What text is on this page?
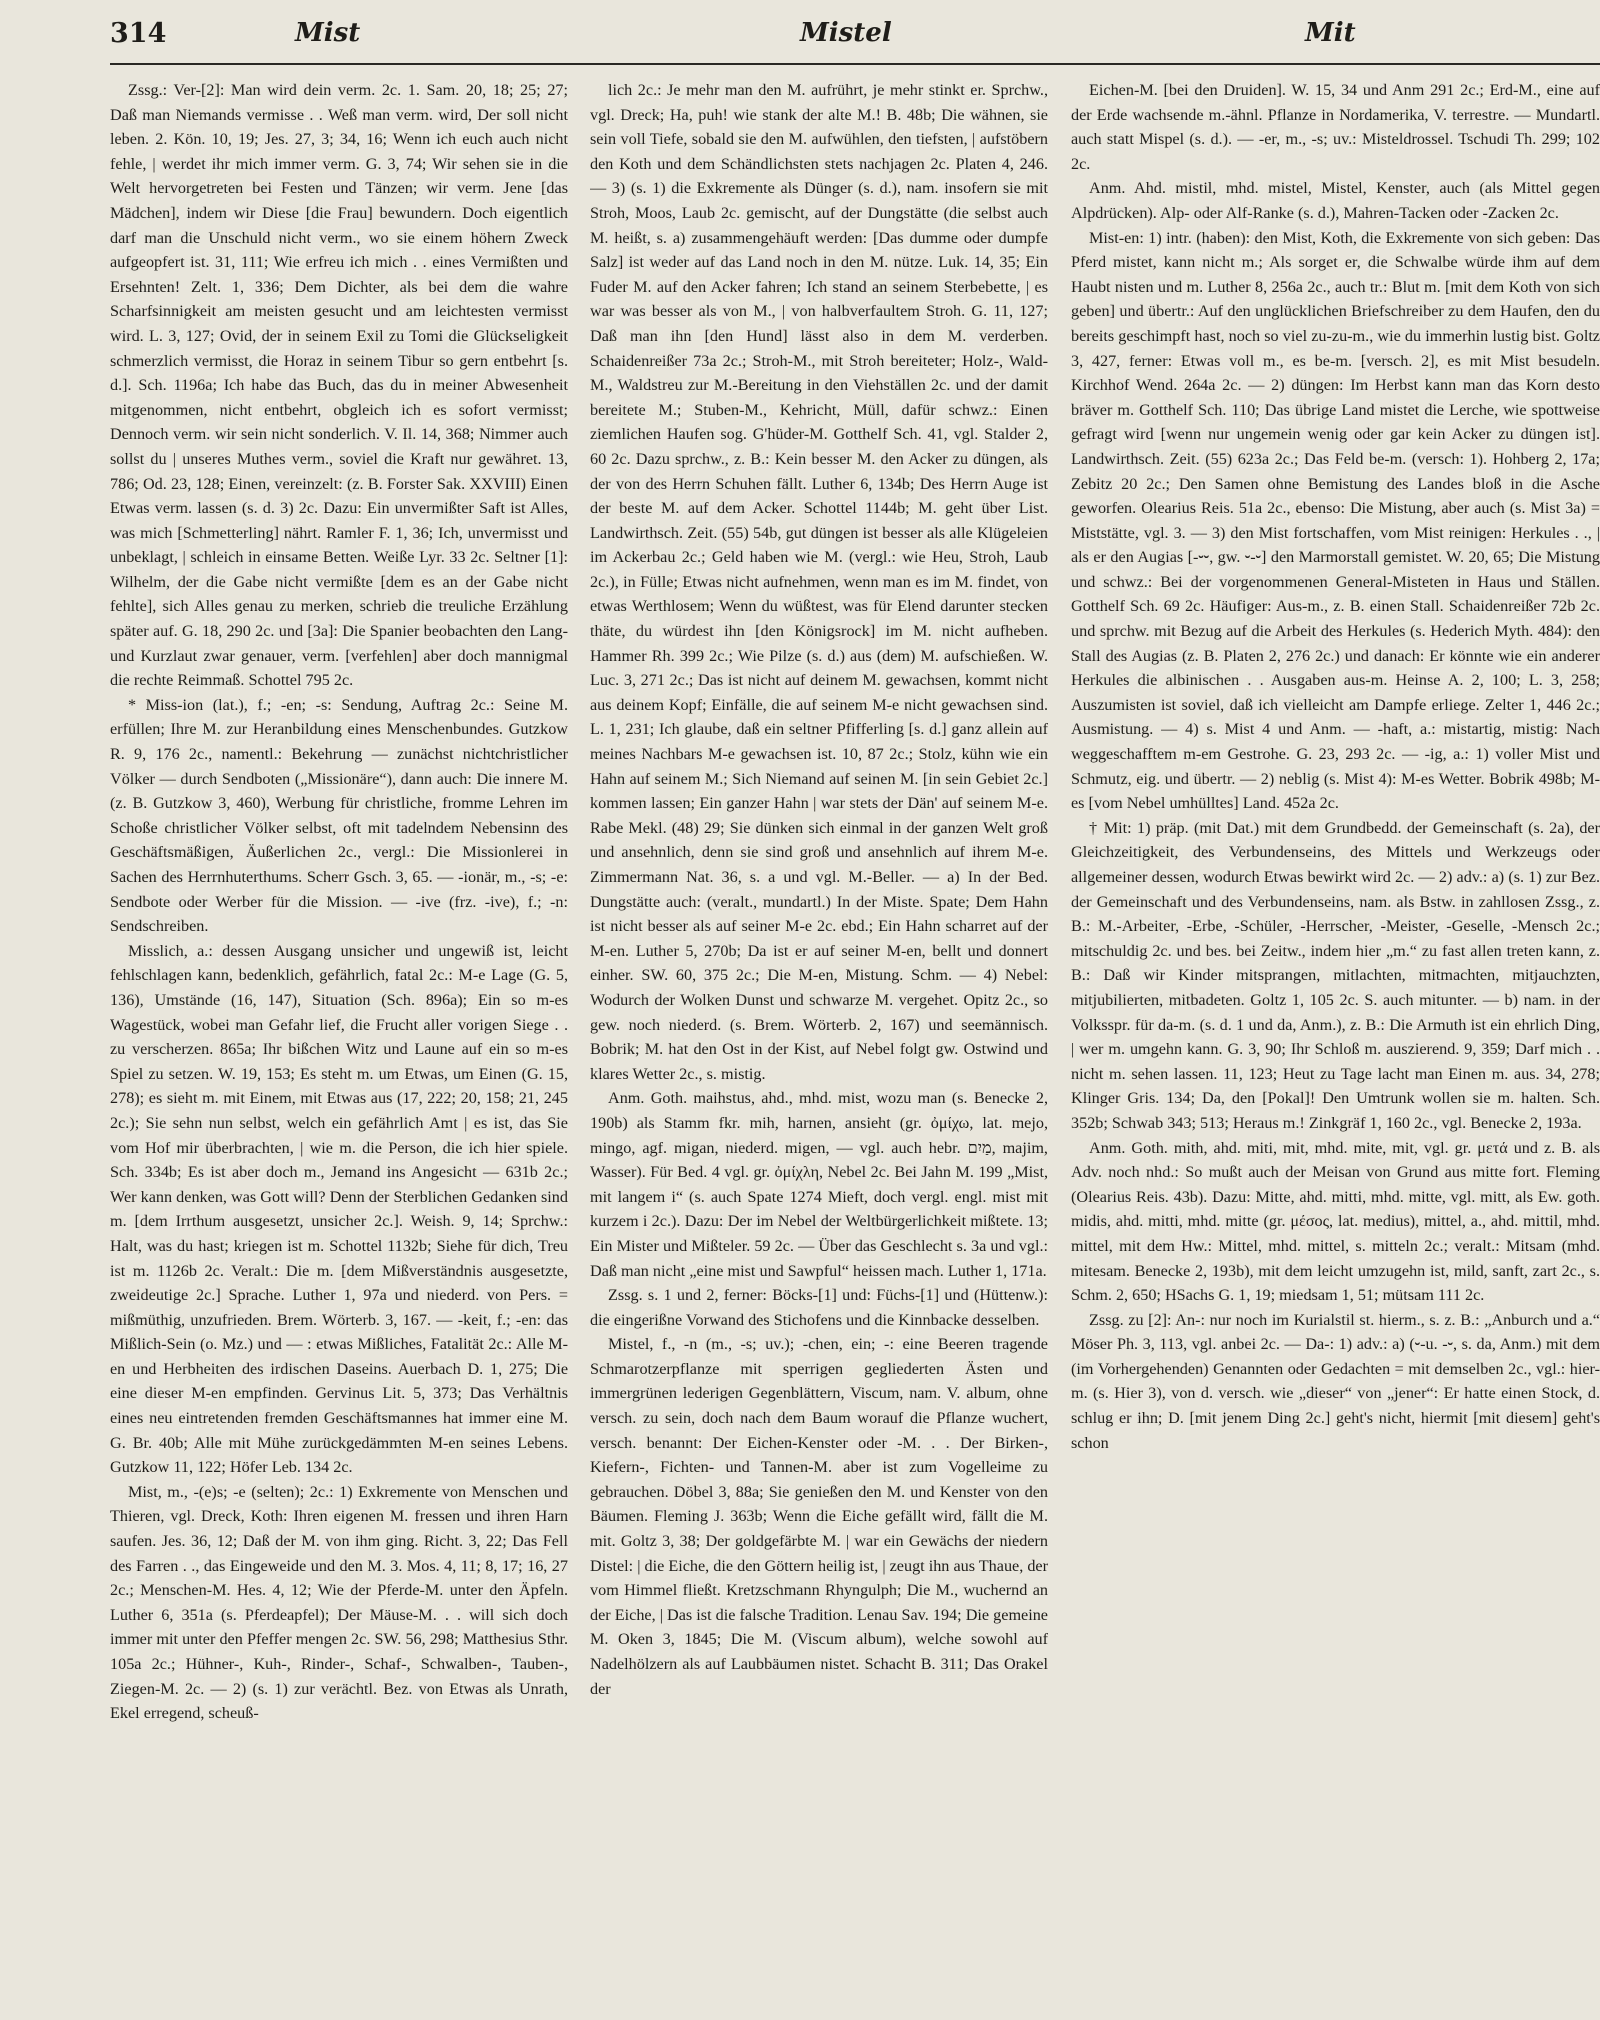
314	Mist	Mistel	Mit

Zssg.: Ver-[2]: Man wird dein verm. 2c. 1. Sam. 20, 18; 25; 27; Daß man Niemands vermisse . . Weß man verm. wird, Der soll nicht leben. 2. Kön. 10, 19; Jes. 27, 3; 34, 16; Wenn ich euch auch nicht fehle, | werdet ihr mich immer verm. G. 3, 74; Wir sehen sie in die Welt hervorgetreten bei Festen und Tänzen; wir verm. Jene [das Mädchen], indem wir Diese [die Frau] bewundern. Doch eigentlich darf man die Unschuld nicht verm., wo sie einem höhern Zweck aufgeopfert ist. 31, 111; Wie erfreu ich mich . . eines Vermißten und Ersehnten! Zelt. 1, 336; Dem Dichter, als bei dem die wahre Scharfsinnigkeit am meisten gesucht und am leichtesten vermisst wird. L. 3, 127; Ovid, der in seinem Exil zu Tomi die Glückseligkeit schmerzlich vermisst, die Horaz in seinem Tibur so gern entbehrt [s. d.]. Sch. 1196a; Ich habe das Buch, das du in meiner Abwesenheit mitgenommen, nicht entbehrt, obgleich ich es sofort vermisst; Dennoch verm. wir sein nicht sonderlich. V. Il. 14, 368; Nimmer auch sollst du | unseres Muthes verm., soviel die Kraft nur gewähret. 13, 786; Od. 23, 128; Einen, vereinzelt: (z. B. Forster Sak. XXVIII) Einen Etwas verm. lassen (s. d. 3) 2c. Dazu: Ein unvermißter Saft ist Alles, was mich [Schmetterling] nährt. Ramler F. 1, 36; Ich, unvermisst und unbeklagt, | schleich in einsame Betten. Weiße Lyr. 33 2c. Seltner [1]: Wilhelm, der die Gabe nicht vermißte [dem es an der Gabe nicht fehlte], sich Alles genau zu merken, schrieb die treuliche Erzählung später auf. G. 18, 290 2c. und [3a]: Die Spanier beobachten den Lang- und Kurzlaut zwar genauer, verm. [verfehlen] aber doch mannigmal die rechte Reimmaß. Schottel 795 2c.

* Miss-ion (lat.), f.; -en; -s: Sendung, Auftrag 2c.: Seine M. erfüllen; Ihre M. zur Heranbildung eines Menschenbundes. Gutzkow R. 9, 176 2c., namentl.: Bekehrung — zunächst nichtchristlicher Völker — durch Sendboten („Missionäre“), dann auch: Die innere M. (z. B. Gutzkow 3, 460), Werbung für christliche, fromme Lehren im Schoße christlicher Völker selbst, oft mit tadelndem Nebensinn des Geschäftsmäßigen, Äußerlichen 2c., vergl.: Die Missionlerei in Sachen des Herrnhuterthums. Scherr Gsch. 3, 65. — -ionär, m., -s; -e: Sendbote oder Werber für die Mission. — -ive (frz. -ive), f.; -n: Sendschreiben.

Misslich, a.: dessen Ausgang unsicher und ungewiß ist, leicht fehlschlagen kann, bedenklich, gefährlich, fatal 2c.: M-e Lage (G. 5, 136), Umstände (16, 147), Situation (Sch. 896a); Ein so m-es Wagestück, wobei man Gefahr lief, die Frucht aller vorigen Siege . . zu verscherzen. 865a; Ihr bißchen Witz und Laune auf ein so m-es Spiel zu setzen. W. 19, 153; Es steht m. um Etwas, um Einen (G. 15, 278); es sieht m. mit Einem, mit Etwas aus (17, 222; 20, 158; 21, 245 2c.); Sie sehn nun selbst, welch ein gefährlich Amt | es ist, das Sie vom Hof mir überbrachten, | wie m. die Person, die ich hier spiele. Sch. 334b; Es ist aber doch m., Jemand ins Angesicht — 631b 2c.; Wer kann denken, was Gott will? Denn der Sterblichen Gedanken sind m. [dem Irrthum ausgesetzt, unsicher 2c.]. Weish. 9, 14; Sprchw.: Halt, was du hast; kriegen ist m. Schottel 1132b; Siehe für dich, Treu ist m. 1126b 2c. Veralt.: Die m. [dem Mißverständnis ausgesetzte, zweideutige 2c.] Sprache. Luther 1, 97a und niederd. von Pers. = mißmüthig, unzufrieden. Brem. Wörterb. 3, 167. — -keit, f.; -en: das Mißlich-Sein (o. Mz.) und — : etwas Mißliches, Fatalität 2c.: Alle M-en und Herbheiten des irdischen Daseins. Auerbach D. 1, 275; Die eine dieser M-en empfinden. Gervinus Lit. 5, 373; Das Verhältnis eines neu eintretenden fremden Geschäftsmannes hat immer eine M. G. Br. 40b; Alle mit Mühe zurückgedämmten M-en seines Lebens. Gutzkow 11, 122; Höfer Leb. 134 2c.

Mist, m., -(e)s; -e (selten); 2c.: 1) Exkremente von Menschen und Thieren, vgl. Dreck, Koth: Ihren eigenen M. fressen und ihren Harn saufen. Jes. 36, 12; Daß der M. von ihm ging. Richt. 3, 22; Das Fell des Farren . ., das Eingeweide und den M. 3. Mos. 4, 11; 8, 17; 16, 27 2c.; Menschen-M. Hes. 4, 12; Wie der Pferde-M. unter den Äpfeln. Luther 6, 351a (s. Pferdeapfel); Der Mäuse-M. . . will sich doch immer mit unter den Pfeffer mengen 2c. SW. 56, 298; Matthesius Sthr. 105a 2c.; Hühner-, Kuh-, Rinder-, Schaf-, Schwalben-, Tauben-, Ziegen-M. 2c. — 2) (s. 1) zur verächtl. Bez. von Etwas als Unrath, Ekel erregend, scheuß-

lich 2c.: Je mehr man den M. aufrührt, je mehr stinkt er. Sprchw., vgl. Dreck; Ha, puh! wie stank der alte M.! B. 48b; Die wähnen, sie sein voll Tiefe, sobald sie den M. aufwühlen, den tiefsten, | aufstöbern den Koth und dem Schändlichsten stets nachjagen 2c. Platen 4, 246. — 3) (s. 1) die Exkremente als Dünger (s. d.), nam. insofern sie mit Stroh, Moos, Laub 2c. gemischt, auf der Dungstätte (die selbst auch M. heißt, s. a) zusammengehäuft werden: [Das dumme oder dumpfe Salz] ist weder auf das Land noch in den M. nütze. Luk. 14, 35; Ein Fuder M. auf den Acker fahren; Ich stand an seinem Sterbebette, | es war was besser als von M., | von halbverfaultem Stroh. G. 11, 127; Daß man ihn [den Hund] lässt also in dem M. verderben. Schaidenreißer 73a 2c.; Stroh-M., mit Stroh bereiteter; Holz-, Wald-M., Waldstreu zur M.-Bereitung in den Viehställen 2c. und der damit bereitete M.; Stuben-M., Kehricht, Müll, dafür schwz.: Einen ziemlichen Haufen sog. G'hüder-M. Gotthelf Sch. 41, vgl. Stalder 2, 60 2c. Dazu sprchw., z. B.: Kein besser M. den Acker zu düngen, als der von des Herrn Schuhen fällt. Luther 6, 134b; Des Herrn Auge ist der beste M. auf dem Acker. Schottel 1144b; M. geht über List. Landwirthsch. Zeit. (55) 54b, gut düngen ist besser als alle Klügeleien im Ackerbau 2c.; Geld haben wie M. (vergl.: wie Heu, Stroh, Laub 2c.), in Fülle; Etwas nicht aufnehmen, wenn man es im M. findet, von etwas Werthlosem; Wenn du wüßtest, was für Elend darunter stecken thäte, du würdest ihn [den Königsrock] im M. nicht aufheben. Hammer Rh. 399 2c.; Wie Pilze (s. d.) aus (dem) M. aufschießen. W. Luc. 3, 271 2c.; Das ist nicht auf deinem M. gewachsen, kommt nicht aus deinem Kopf; Einfälle, die auf seinem M-e nicht gewachsen sind. L. 1, 231; Ich glaube, daß ein seltner Pfifferling [s. d.] ganz allein auf meines Nachbars M-e gewachsen ist. 10, 87 2c.; Stolz, kühn wie ein Hahn auf seinem M.; Sich Niemand auf seinen M. [in sein Gebiet 2c.] kommen lassen; Ein ganzer Hahn | war stets der Dän' auf seinem M-e. Rabe Mekl. (48) 29; Sie dünken sich einmal in der ganzen Welt groß und ansehnlich, denn sie sind groß und ansehnlich auf ihrem M-e. Zimmermann Nat. 36, s. a und vgl. M.-Beller. — a) In der Bed. Dungstätte auch: (veralt., mundartl.) In der Miste. Spate; Dem Hahn ist nicht besser als auf seiner M-e 2c. ebd.; Ein Hahn scharret auf der M-en. Luther 5, 270b; Da ist er auf seiner M-en, bellt und donnert einher. SW. 60, 375 2c.; Die M-en, Mistung. Schm. — 4) Nebel: Wodurch der Wolken Dunst und schwarze M. vergehet. Opitz 2c., so gew. noch niederd. (s. Brem. Wörterb. 2, 167) und seemännisch. Bobrik; M. hat den Ost in der Kist, auf Nebel folgt gw. Ostwind und klares Wetter 2c., s. mistig.

Anm. Goth. maihstus, ahd., mhd. mist, wozu man (s. Benecke 2, 190b) als Stamm fkr. mih, harnen, ansieht (gr. ὀμίχω, lat. mejo, mingo, agf. migan, niederd. migen, — vgl. auch hebr. מַיִם, majim, Wasser). Für Bed. 4 vgl. gr. ὀμίχλη, Nebel 2c. Bei Jahn M. 199 „Mist, mit langem i“ (s. auch Spate 1274 Mieft, doch vergl. engl. mist mit kurzem i 2c.). Dazu: Der im Nebel der Weltbürgerlichkeit mißtete. 13; Ein Mister und Mißteler. 59 2c. — Über das Geschlecht s. 3a und vgl.: Daß man nicht „eine mist und Sawpful“ heissen mach. Luther 1, 171a.

Zssg. s. 1 und 2, ferner: Böcks-[1] und: Füchs-[1] und (Hüttenw.): die eingerißne Vorwand des Stichofens und die Kinnbacke desselben.

Mistel, f., -n (m., -s; uv.); -chen, ein; -: eine Beeren tragende Schmarotzerpflanze mit sperrigen gegliederten Ästen und immergrünen lederigen Gegenblättern, Viscum, nam. V. album, ohne versch. zu sein, doch nach dem Baum worauf die Pflanze wuchert, versch. benannt: Der Eichen-Kenster oder -M. . . Der Birken-, Kiefern-, Fichten- und Tannen-M. aber ist zum Vogelleime zu gebrauchen. Döbel 3, 88a; Sie genießen den M. und Kenster von den Bäumen. Fleming J. 363b; Wenn die Eiche gefällt wird, fällt die M. mit. Goltz 3, 38; Der goldgefärbte M. | war ein Gewächs der niedern Distel: | die Eiche, die den Göttern heilig ist, | zeugt ihn aus Thaue, der vom Himmel fließt. Kretzschmann Rhyngulph; Die M., wuchernd an der Eiche, | Das ist die falsche Tradition. Lenau Sav. 194; Die gemeine M. Oken 3, 1845; Die M. (Viscum album), welche sowohl auf Nadelhölzern als auf Laubbäumen nistet. Schacht B. 311; Das Orakel der

Eichen-M. [bei den Druiden]. W. 15, 34 und Anm 291 2c.; Erd-M., eine auf der Erde wachsende m.-ähnl. Pflanze in Nordamerika, V. terrestre. — Mundartl. auch statt Mispel (s. d.). — -er, m., -s; uv.: Misteldrossel. Tschudi Th. 299; 102 2c.

Anm. Ahd. mistil, mhd. mistel, Mistel, Kenster, auch (als Mittel gegen Alpdrücken). Alp- oder Alf-Ranke (s. d.), Mahren-Tacken oder -Zacken 2c.

Mist-en: 1) intr. (haben): den Mist, Koth, die Exkremente von sich geben: Das Pferd mistet, kann nicht m.; Als sorget er, die Schwalbe würde ihm auf dem Haubt nisten und m. Luther 8, 256a 2c., auch tr.: Blut m. [mit dem Koth von sich geben] und übertr.: Auf den unglücklichen Briefschreiber zu dem Haufen, den du bereits geschimpft hast, noch so viel zu-zu-m., wie du immerhin lustig bist. Goltz 3, 427, ferner: Etwas voll m., es be-m. [versch. 2], es mit Mist besudeln. Kirchhof Wend. 264a 2c. — 2) düngen: Im Herbst kann man das Korn desto bräver m. Gotthelf Sch. 110; Das übrige Land mistet die Lerche, wie spottweise gefragt wird [wenn nur ungemein wenig oder gar kein Acker zu düngen ist]. Landwirthsch. Zeit. (55) 623a 2c.; Das Feld be-m. (versch: 1). Hohberg 2, 17a; Zebitz 20 2c.; Den Samen ohne Bemistung des Landes bloß in die Asche geworfen. Olearius Reis. 51a 2c., ebenso: Die Mistung, aber auch (s. Mist 3a) = Miststätte, vgl. 3. — 3) den Mist fortschaffen, vom Mist reinigen: Herkules . ., | als er den Augias [-⏑⏑, gw. ⏑-⏑] den Marmorstall gemistet. W. 20, 65; Die Mistung und schwz.: Bei der vorgenommenen General-Misteten in Haus und Ställen. Gotthelf Sch. 69 2c. Häufiger: Aus-m., z. B. einen Stall. Schaidenreißer 72b 2c. und sprchw. mit Bezug auf die Arbeit des Herkules (s. Hederich Myth. 484): den Stall des Augias (z. B. Platen 2, 276 2c.) und danach: Er könnte wie ein anderer Herkules die albinischen . . Ausgaben aus-m. Heinse A. 2, 100; L. 3, 258; Auszumisten ist soviel, daß ich vielleicht am Dampfe erliege. Zelter 1, 446 2c.; Ausmistung. — 4) s. Mist 4 und Anm. — -haft, a.: mistartig, mistig: Nach weggeschafftem m-em Gestrohe. G. 23, 293 2c. — -ig, a.: 1) voller Mist und Schmutz, eig. und übertr. — 2) neblig (s. Mist 4): M-es Wetter. Bobrik 498b; M-es [vom Nebel umhülltes] Land. 452a 2c.

† Mit: 1) präp. (mit Dat.) mit dem Grundbedd. der Gemeinschaft (s. 2a), der Gleichzeitigkeit, des Verbundenseins, des Mittels und Werkzeugs oder allgemeiner dessen, wodurch Etwas bewirkt wird 2c. — 2) adv.: a) (s. 1) zur Bez. der Gemeinschaft und des Verbundenseins, nam. als Bstw. in zahllosen Zssg., z. B.: M.-Arbeiter, -Erbe, -Schüler, -Herrscher, -Meister, -Geselle, -Mensch 2c.; mitschuldig 2c. und bes. bei Zeitw., indem hier „m.“ zu fast allen treten kann, z. B.: Daß wir Kinder mitsprangen, mitlachten, mitmachten, mitjauchzten, mitjubilierten, mitbadeten. Goltz 1, 105 2c. S. auch mitunter. — b) nam. in der Volksspr. für da-m. (s. d. 1 und da, Anm.), z. B.: Die Armuth ist ein ehrlich Ding, | wer m. umgehn kann. G. 3, 90; Ihr Schloß m. auszierend. 9, 359; Darf mich . . nicht m. sehen lassen. 11, 123; Heut zu Tage lacht man Einen m. aus. 34, 278; Klinger Gris. 134; Da, den [Pokal]! Den Umtrunk wollen sie m. halten. Sch. 352b; Schwab 343; 513; Heraus m.! Zinkgräf 1, 160 2c., vgl. Benecke 2, 193a.

Anm. Goth. mith, ahd. miti, mit, mhd. mite, mit, vgl. gr. μετά und z. B. als Adv. noch nhd.: So mußt auch der Meisan von Grund aus mitte fort. Fleming (Olearius Reis. 43b). Dazu: Mitte, ahd. mitti, mhd. mitte, vgl. mitt, als Ew. goth. midis, ahd. mitti, mhd. mitte (gr. μέσος, lat. medius), mittel, a., ahd. mittil, mhd. mittel, mit dem Hw.: Mittel, mhd. mittel, s. mitteln 2c.; veralt.: Mitsam (mhd. mitesam. Benecke 2, 193b), mit dem leicht umzugehn ist, mild, sanft, zart 2c., s. Schm. 2, 650; HSachs G. 1, 19; miedsam 1, 51; mütsam 111 2c.

Zssg. zu [2]: An-: nur noch im Kurialstil st. hierm., s. z. B.: „Anburch und a.“ Möser Ph. 3, 113, vgl. anbei 2c. — Da-: 1) adv.: a) (⏑-u. -⏑, s. da, Anm.) mit dem (im Vorhergehenden) Genannten oder Gedachten = mit demselben 2c., vgl.: hier-m. (s. Hier 3), von d. versch. wie „dieser“ von „jener“: Er hatte einen Stock, d. schlug er ihn; D. [mit jenem Ding 2c.] geht's nicht, hiermit [mit diesem] geht's schon
